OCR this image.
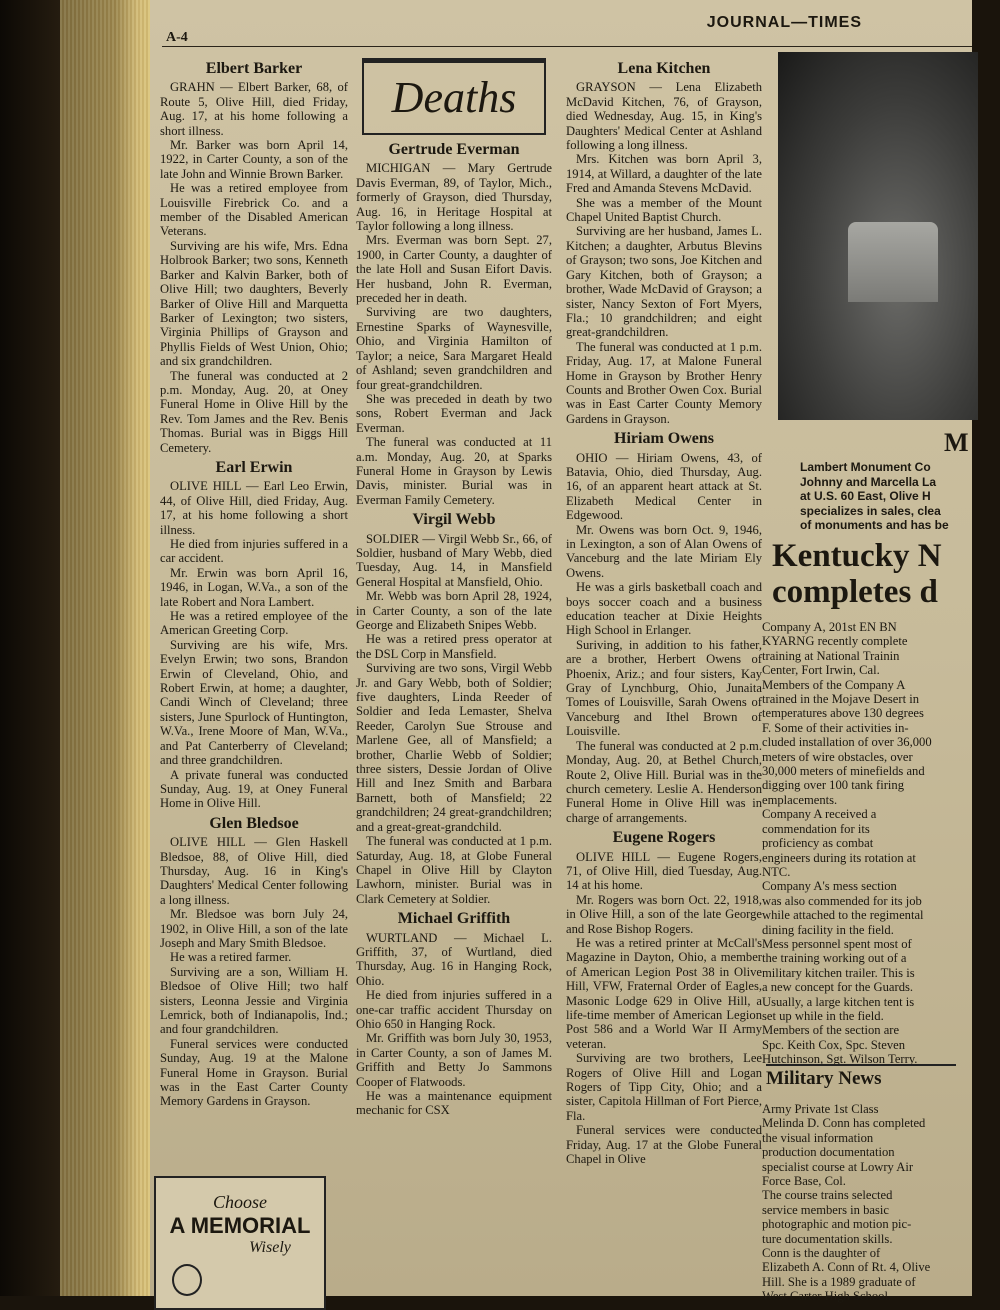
A-4
JOURNAL—TIMES
Elbert Barker

GRAHN — Elbert Barker, 68, of Route 5, Olive Hill, died Friday, Aug. 17, at his home following a short illness.

Mr. Barker was born April 14, 1922, in Carter County, a son of the late John and Winnie Brown Barker.

He was a retired employee from Louisville Firebrick Co. and a member of the Disabled American Veterans.

Surviving are his wife, Mrs. Edna Holbrook Barker; two sons, Kenneth Barker and Kalvin Barker, both of Olive Hill; two daughters, Beverly Barker of Olive Hill and Marquetta Barker of Lexington; two sisters, Virginia Phillips of Grayson and Phyllis Fields of West Union, Ohio; and six grandchildren.

The funeral was conducted at 2 p.m. Monday, Aug. 20, at Oney Funeral Home in Olive Hill by the Rev. Tom James and the Rev. Benis Thomas. Burial was in Biggs Hill Cemetery.

Earl Erwin

OLIVE HILL — Earl Leo Erwin, 44, of Olive Hill, died Friday, Aug. 17, at his home following a short illness.

He died from injuries suffered in a car accident.

Mr. Erwin was born April 16, 1946, in Logan, W.Va., a son of the late Robert and Nora Lambert.

He was a retired employee of the American Greeting Corp.

Surviving are his wife, Mrs. Evelyn Erwin; two sons, Brandon Erwin of Cleveland, Ohio, and Robert Erwin, at home; a daughter, Candi Winch of Cleveland; three sisters, June Spurlock of Huntington, W.Va., Irene Moore of Man, W.Va., and Pat Canterberry of Cleveland; and three grandchildren.

A private funeral was conducted Sunday, Aug. 19, at Oney Funeral Home in Olive Hill.

Glen Bledsoe

OLIVE HILL — Glen Haskell Bledsoe, 88, of Olive Hill, died Thursday, Aug. 16 in King's Daughters' Medical Center following a long illness.

Mr. Bledsoe was born July 24, 1902, in Olive Hill, a son of the late Joseph and Mary Smith Bledsoe.

He was a retired farmer.

Surviving are a son, William H. Bledsoe of Olive Hill; two half sisters, Leonna Jessie and Virginia Lemrick, both of Indianapolis, Ind.; and four grandchildren.

Funeral services were conducted Sunday, Aug. 19 at the Malone Funeral Home in Grayson. Burial was in the East Carter County Memory Gardens in Grayson.

Deaths
Gertrude Everman

MICHIGAN — Mary Gertrude Davis Everman, 89, of Taylor, Mich., formerly of Grayson, died Thursday, Aug. 16, in Heritage Hospital at Taylor following a long illness.

Mrs. Everman was born Sept. 27, 1900, in Carter County, a daughter of the late Holl and Susan Eifort Davis. Her husband, John R. Everman, preceded her in death.

Surviving are two daughters, Ernestine Sparks of Waynesville, Ohio, and Virginia Hamilton of Taylor; a neice, Sara Margaret Heald of Ashland; seven grandchildren and four great-grandchildren.

She was preceded in death by two sons, Robert Everman and Jack Everman.

The funeral was conducted at 11 a.m. Monday, Aug. 20, at Sparks Funeral Home in Grayson by Lewis Davis, minister. Burial was in Everman Family Cemetery.

Virgil Webb

SOLDIER — Virgil Webb Sr., 66, of Soldier, husband of Mary Webb, died Tuesday, Aug. 14, in Mansfield General Hospital at Mansfield, Ohio.

Mr. Webb was born April 28, 1924, in Carter County, a son of the late George and Elizabeth Snipes Webb.

He was a retired press operator at the DSL Corp in Mansfield.

Surviving are two sons, Virgil Webb Jr. and Gary Webb, both of Soldier; five daughters, Linda Reeder of Soldier and Ieda Lemaster, Shelva Reeder, Carolyn Sue Strouse and Marlene Gee, all of Mansfield; a brother, Charlie Webb of Soldier; three sisters, Dessie Jordan of Olive Hill and Inez Smith and Barbara Barnett, both of Mansfield; 22 grandchildren; 24 great-grandchildren; and a great-great-grandchild.

The funeral was conducted at 1 p.m. Saturday, Aug. 18, at Globe Funeral Chapel in Olive Hill by Clayton Lawhorn, minister. Burial was in Clark Cemetery at Soldier.

Michael Griffith

WURTLAND — Michael L. Griffith, 37, of Wurtland, died Thursday, Aug. 16 in Hanging Rock, Ohio.

He died from injuries suffered in a one-car traffic accident Thursday on Ohio 650 in Hanging Rock.

Mr. Griffith was born July 30, 1953, in Carter County, a son of James M. Griffith and Betty Jo Sammons Cooper of Flatwoods.

He was a maintenance equipment mechanic for CSX

Lena Kitchen

GRAYSON — Lena Elizabeth McDavid Kitchen, 76, of Grayson, died Wednesday, Aug. 15, in King's Daughters' Medical Center at Ashland following a long illness.

Mrs. Kitchen was born April 3, 1914, at Willard, a daughter of the late Fred and Amanda Stevens McDavid.

She was a member of the Mount Chapel United Baptist Church.

Surviving are her husband, James L. Kitchen; a daughter, Arbutus Blevins of Grayson; two sons, Joe Kitchen and Gary Kitchen, both of Grayson; a brother, Wade McDavid of Grayson; a sister, Nancy Sexton of Fort Myers, Fla.; 10 grandchildren; and eight great-grandchildren.

The funeral was conducted at 1 p.m. Friday, Aug. 17, at Malone Funeral Home in Grayson by Brother Henry Counts and Brother Owen Cox. Burial was in East Carter County Memory Gardens in Grayson.

Hiriam Owens

OHIO — Hiriam Owens, 43, of Batavia, Ohio, died Thursday, Aug. 16, of an apparent heart attack at St. Elizabeth Medical Center in Edgewood.

Mr. Owens was born Oct. 9, 1946, in Lexington, a son of Alan Owens of Vanceburg and the late Miriam Ely Owens.

He was a girls basketball coach and boys soccer coach and a business education teacher at Dixie Heights High School in Erlanger.

Suriving, in addition to his father, are a brother, Herbert Owens of Phoenix, Ariz.; and four sisters, Kay Gray of Lynchburg, Ohio, Junaita Tomes of Louisville, Sarah Owens of Vanceburg and Ithel Brown of Louisville.

The funeral was conducted at 2 p.m. Monday, Aug. 20, at Bethel Church, Route 2, Olive Hill. Burial was in the church cemetery. Leslie A. Henderson Funeral Home in Olive Hill was in charge of arrangements.

Eugene Rogers

OLIVE HILL — Eugene Rogers, 71, of Olive Hill, died Tuesday, Aug. 14 at his home.

Mr. Rogers was born Oct. 22, 1918, in Olive Hill, a son of the late George and Rose Bishop Rogers.

He was a retired printer at McCall's Magazine in Dayton, Ohio, a member of American Legion Post 38 in Olive Hill, VFW, Fraternal Order of Eagles, Masonic Lodge 629 in Olive Hill, a life-time member of American Legion Post 586 and a World War II Army veteran.

Surviving are two brothers, Lee Rogers of Olive Hill and Logan Rogers of Tipp City, Ohio; and a sister, Capitola Hillman of Fort Pierce, Fla.

Funeral services were conducted Friday, Aug. 17 at the Globe Funeral Chapel in Olive

M
Lambert Monument Co
Johnny and Marcella La
at U.S. 60 East, Olive H
specializes in sales, clea
of monuments and has be
Kentucky N
completes d
Company A, 201st EN BN
KYARNG recently complete
training at National Trainin
Center, Fort Irwin, Cal.
Members of the Company A
trained in the Mojave Desert in
temperatures above 130 degrees
F. Some of their activities in-
cluded installation of over 36,000
meters of wire obstacles, over
30,000 meters of minefields and
digging over 100 tank firing
emplacements.
Company A received a
commendation for its
proficiency as combat
engineers during its rotation at
NTC.
Company A's mess section
was also commended for its job
while attached to the regimental
dining facility in the field.
Mess personnel spent most of
the training working out of a
military kitchen trailer. This is
a new concept for the Guards.
Usually, a large kitchen tent is
set up while in the field.
Members of the section are
Spc. Keith Cox, Spc. Steven
Hutchinson, Sgt. Wilson Terry.
Military News
Army Private 1st Class
Melinda D. Conn has completed
the visual information
production documentation
specialist course at Lowry Air
Force Base, Col.
The course trains selected
service members in basic
photographic and motion pic-
ture documentation skills.
Conn is the daughter of
Elizabeth A. Conn of Rt. 4, Olive
Hill. She is a 1989 graduate of
West Carter High School.
Choose
A MEMORIAL
Wisely
